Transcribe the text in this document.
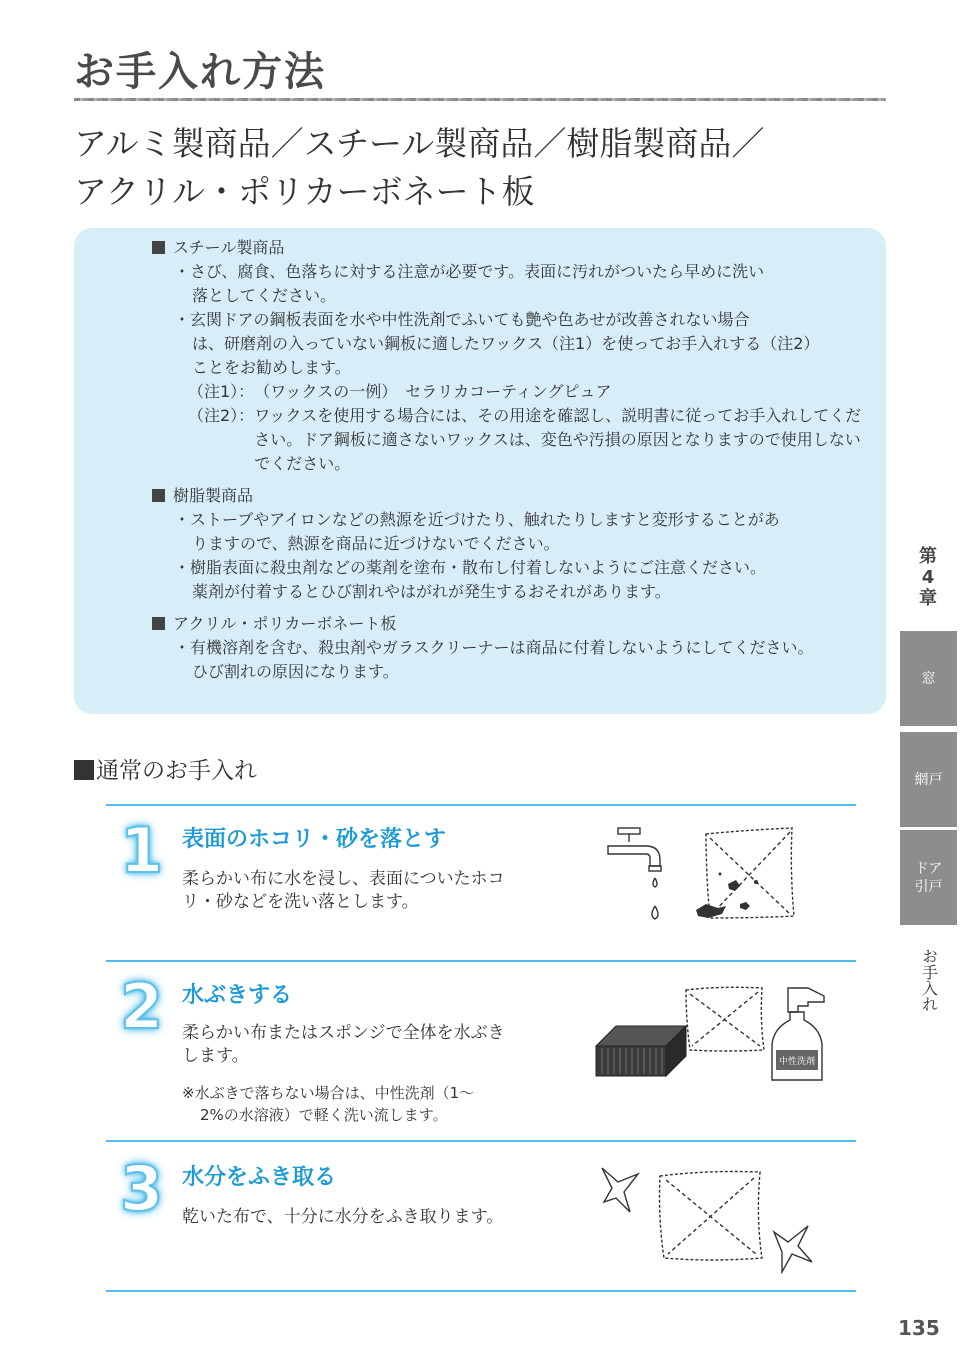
お手入れ方法
アルミ製商品／スチール製商品／樹脂製商品／
アクリル・ポリカーボネート板
スチール製商品
・さび、腐食、色落ちに対する注意が必要です。表面に汚れがついたら早めに洗い
落としてください。
・玄関ドアの鋼板表面を水や中性洗剤でふいても艶や色あせが改善されない場合
は、研磨剤の入っていない鋼板に適したワックス（注1）を使ってお手入れする（注2）
ことをお勧めします。
（注1）： （ワックスの一例）　セラリカコーティングピュア
（注2）： ワックスを使用する場合には、その用途を確認し、説明書に従ってお手入れしてください。ドア鋼板に適さないワックスは、変色や汚損の原因となりますので使用しないでください。
樹脂製商品
・ストーブやアイロンなどの熱源を近づけたり、触れたりしますと変形することがあ
りますので、熱源を商品に近づけないでください。
・樹脂表面に殺虫剤などの薬剤を塗布・散布し付着しないようにご注意ください。
薬剤が付着するとひび割れやはがれが発生するおそれがあります。
アクリル・ポリカーボネート板
・有機溶剤を含む、殺虫剤やガラスクリーナーは商品に付着しないようにしてください。
ひび割れの原因になります。
通常のお手入れ
1 表面のホコリ・砂を落とす
柔らかい布に水を浸し、表面についたホコ
リ・砂などを洗い落とします。
2 水ぶきする
柔らかい布またはスポンジで全体を水ぶき
します。
※水ぶきで落ちない場合は、中性洗剤（1～
2%の水溶液）で軽く洗い流します。
中性洗剤
3 水分をふき取る
乾いた布で、十分に水分をふき取ります。
第
4
章
窓
網戸
ドア
引戸
お手入れ
135
